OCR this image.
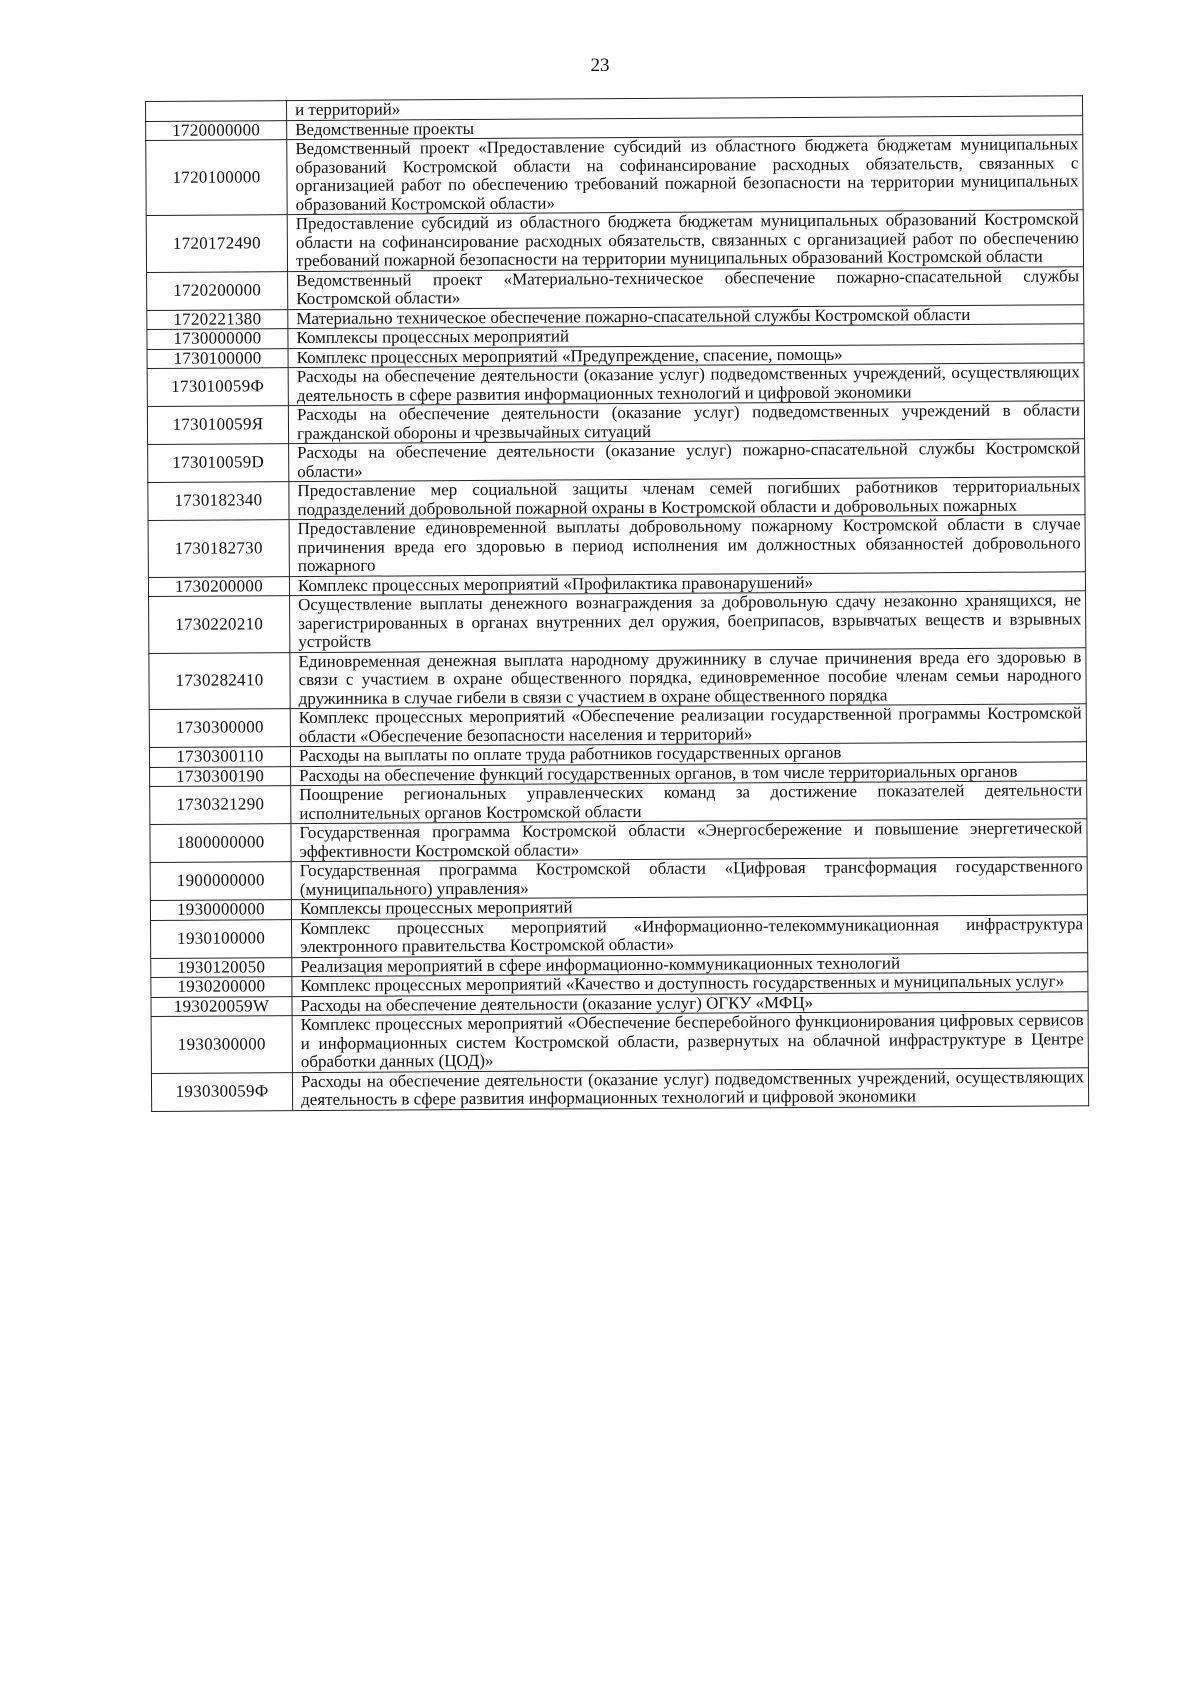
23
	и территорий»
1720000000	Ведомственные проекты
1720100000	Ведомственный проект «Предоставление субсидий из областного бюджета бюджетам муниципальных образований Костромской области на софинансирование расходных обязательств, связанных с организацией работ по обеспечению требований пожарной безопасности на территории муниципальных образований Костромской области»
1720172490	Предоставление субсидий из областного бюджета бюджетам муниципальных образований Костромской области на софинансирование расходных обязательств, связанных с организацией работ по обеспечению требований пожарной безопасности на территории муниципальных образований Костромской области
1720200000	Ведомственный проект «Материально-техническое обеспечение пожарно-спасательной службы Костромской области»
1720221380	Материально техническое обеспечение пожарно-спасательной службы Костромской области
1730000000	Комплексы процессных мероприятий
1730100000	Комплекс процессных мероприятий «Предупреждение, спасение, помощь»
173010059Ф	Расходы на обеспечение деятельности (оказание услуг) подведомственных учреждений, осуществляющих деятельность в сфере развития информационных технологий и цифровой экономики
173010059Я	Расходы на обеспечение деятельности (оказание услуг) подведомственных учреждений в области гражданской обороны и чрезвычайных ситуаций
173010059D	Расходы на обеспечение деятельности (оказание услуг) пожарно-спасательной службы Костромской области»
1730182340	Предоставление мер социальной защиты членам семей погибших работников территориальных подразделений добровольной пожарной охраны в Костромской области и добровольных пожарных
1730182730	Предоставление единовременной выплаты добровольному пожарному Костромской области в случае причинения вреда его здоровью в период исполнения им должностных обязанностей добровольного пожарного
1730200000	Комплекс процессных мероприятий «Профилактика правонарушений»
1730220210	Осуществление выплаты денежного вознаграждения за добровольную сдачу незаконно хранящихся, не зарегистрированных в органах внутренних дел оружия, боеприпасов, взрывчатых веществ и взрывных устройств
1730282410	Единовременная денежная выплата народному дружиннику в случае причинения вреда его здоровью в связи с участием в охране общественного порядка, единовременное пособие членам семьи народного дружинника в случае гибели в связи с участием в охране общественного порядка
1730300000	Комплекс процессных мероприятий «Обеспечение реализации государственной программы Костромской области «Обеспечение безопасности населения и территорий»
1730300110	Расходы на выплаты по оплате труда работников государственных органов
1730300190	Расходы на обеспечение функций государственных органов, в том числе территориальных органов
1730321290	Поощрение региональных управленческих команд за достижение показателей деятельности исполнительных органов Костромской области
1800000000	Государственная программа Костромской области «Энергосбережение и повышение энергетической эффективности Костромской области»
1900000000	Государственная программа Костромской области «Цифровая трансформация государственного (муниципального) управления»
1930000000	Комплексы процессных мероприятий
1930100000	Комплекс процессных мероприятий «Информационно-телекоммуникационная инфраструктура электронного правительства Костромской области»
1930120050	Реализация мероприятий в сфере информационно-коммуникационных технологий
1930200000	Комплекс процессных мероприятий «Качество и доступность государственных и муниципальных услуг»
193020059W	Расходы на обеспечение деятельности (оказание услуг) ОГКУ «МФЦ»
1930300000	Комплекс процессных мероприятий «Обеспечение бесперебойного функционирования цифровых сервисов и информационных систем Костромской области, развернутых на облачной инфраструктуре в Центре обработки данных (ЦОД)»
193030059Ф	Расходы на обеспечение деятельности (оказание услуг) подведомственных учреждений, осуществляющих деятельность в сфере развития информационных технологий и цифровой экономики
